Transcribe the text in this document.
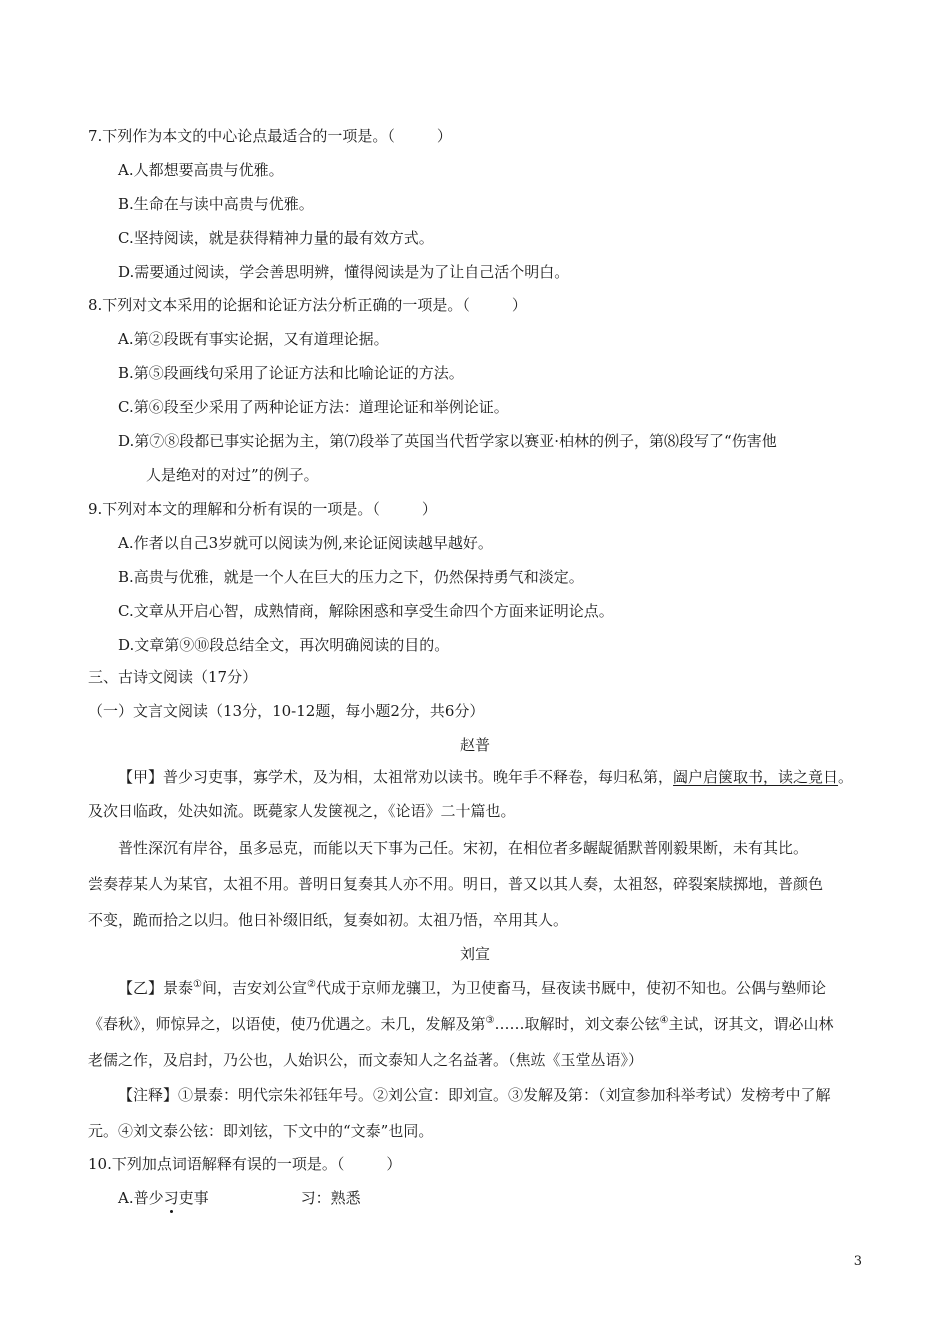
7.下列作为本文的中心论点最适合的一项是。（	）
A.人都想要高贵与优雅。
B.生命在与读中高贵与优雅。
C.坚持阅读，就是获得精神力量的最有效方式。
D.需要通过阅读，学会善思明辨，懂得阅读是为了让自己活个明白。
8.下列对文本采用的论据和论证方法分析正确的一项是。（	）
A.第②段既有事实论据，又有道理论据。
B.第⑤段画线句采用了论证方法和比喻论证的方法。
C.第⑥段至少采用了两种论证方法：道理论证和举例论证。
D.第⑦⑧段都已事实论据为主，第⑺段举了英国当代哲学家以赛亚·柏林的例子，第⑻段写了“伤害他
人是绝对的对过”的例子。
9.下列对本文的理解和分析有误的一项是。（	）
A.作者以自己3岁就可以阅读为例,来论证阅读越早越好。
B.高贵与优雅，就是一个人在巨大的压力之下，仍然保持勇气和淡定。
C.文章从开启心智，成熟情商，解除困惑和享受生命四个方面来证明论点。
D.文章第⑨⑩段总结全文，再次明确阅读的目的。
三、古诗文阅读（17分）
（一）文言文阅读（13分，10-12题，每小题2分，共6分）
赵普
【甲】普少习吏事，寡学术，及为相，太祖常劝以读书。晚年手不释卷，每归私第，阖户启箧取书，读之竟日。
及次日临政，处决如流。既薨家人发箧视之，《论语》二十篇也。
普性深沉有岸谷，虽多忌克，而能以天下事为己任。宋初，在相位者多龌龊循默普刚毅果断，未有其比。
尝奏荐某人为某官，太祖不用。普明日复奏其人亦不用。明日，普又以其人奏，太祖怒，碎裂案牍掷地，普颜色
不变，跪而拾之以归。他日补缀旧纸，复奏如初。太祖乃悟，卒用其人。
刘宣
【乙】景泰①间，吉安刘公宣②代成于京师龙骧卫，为卫使畜马，昼夜读书厩中，使初不知也。公偶与塾师论
《春秋》，师惊异之，以语使，使乃优遇之。未几，发解及第③……取解时，刘文泰公铉④主试，讶其文，谓必山林
老儒之作，及启封，乃公也，人始识公，而文泰知人之名益著。（焦竑《玉堂丛语》）
【注释】①景泰：明代宗朱祁钰年号。②刘公宣：即刘宣。③发解及第：（刘宣参加科举考试）发榜考中了解
元。④刘文泰公铉：即刘铉，下文中的“文泰”也同。
10.下列加点词语解释有误的一项是。（	）
A.普少习吏事	习：熟悉
3
